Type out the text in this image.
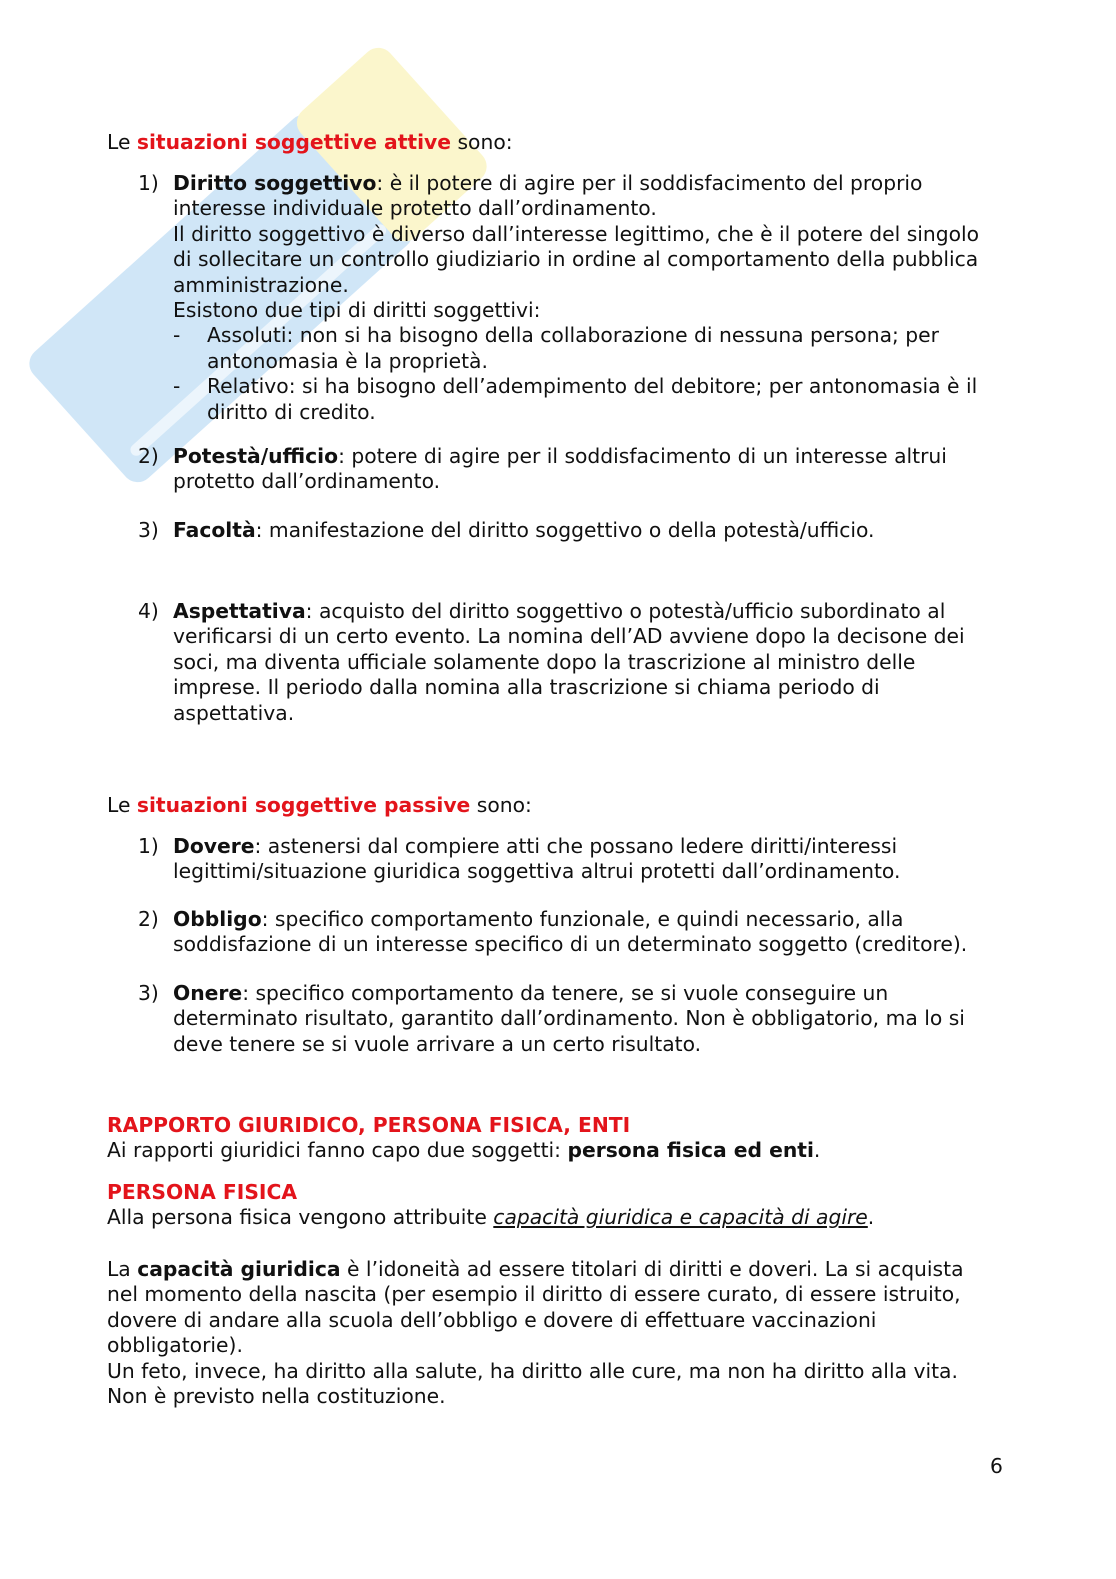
Le situazioni soggettive attive sono:
1) Diritto soggettivo: è il potere di agire per il soddisfacimento del proprio interesse individuale protetto dall’ordinamento.
Il diritto soggettivo è diverso dall’interesse legittimo, che è il potere del singolo di sollecitare un controllo giudiziario in ordine al comportamento della pubblica amministrazione.
Esistono due tipi di diritti soggettivi:
-	Assoluti: non si ha bisogno della collaborazione di nessuna persona; per antonomasia è la proprietà.
-	Relativo: si ha bisogno dell’adempimento del debitore; per antonomasia è il diritto di credito.
2) Potestà/ufficio: potere di agire per il soddisfacimento di un interesse altrui protetto dall’ordinamento.
3) Facoltà: manifestazione del diritto soggettivo o della potestà/ufficio.
4) Aspettativa: acquisto del diritto soggettivo o potestà/ufficio subordinato al verificarsi di un certo evento. La nomina dell’AD avviene dopo la decisone dei soci, ma diventa ufficiale solamente dopo la trascrizione al ministro delle imprese. Il periodo dalla nomina alla trascrizione si chiama periodo di aspettativa.
Le situazioni soggettive passive sono:
1) Dovere: astenersi dal compiere atti che possano ledere diritti/interessi legittimi/situazione giuridica soggettiva altrui protetti dall’ordinamento.
2) Obbligo: specifico comportamento funzionale, e quindi necessario, alla soddisfazione di un interesse specifico di un determinato soggetto (creditore).
3) Onere: specifico comportamento da tenere, se si vuole conseguire un determinato risultato, garantito dall’ordinamento. Non è obbligatorio, ma lo si deve tenere se si vuole arrivare a un certo risultato.
RAPPORTO GIURIDICO, PERSONA FISICA, ENTI
Ai rapporti giuridici fanno capo due soggetti: persona fisica ed enti.
PERSONA FISICA
Alla persona fisica vengono attribuite capacità giuridica e capacità di agire.
La capacità giuridica è l’idoneità ad essere titolari di diritti e doveri. La si acquista nel momento della nascita (per esempio il diritto di essere curato, di essere istruito, dovere di andare alla scuola dell’obbligo e dovere di effettuare vaccinazioni obbligatorie).
Un feto, invece, ha diritto alla salute, ha diritto alle cure, ma non ha diritto alla vita. Non è previsto nella costituzione.
6
